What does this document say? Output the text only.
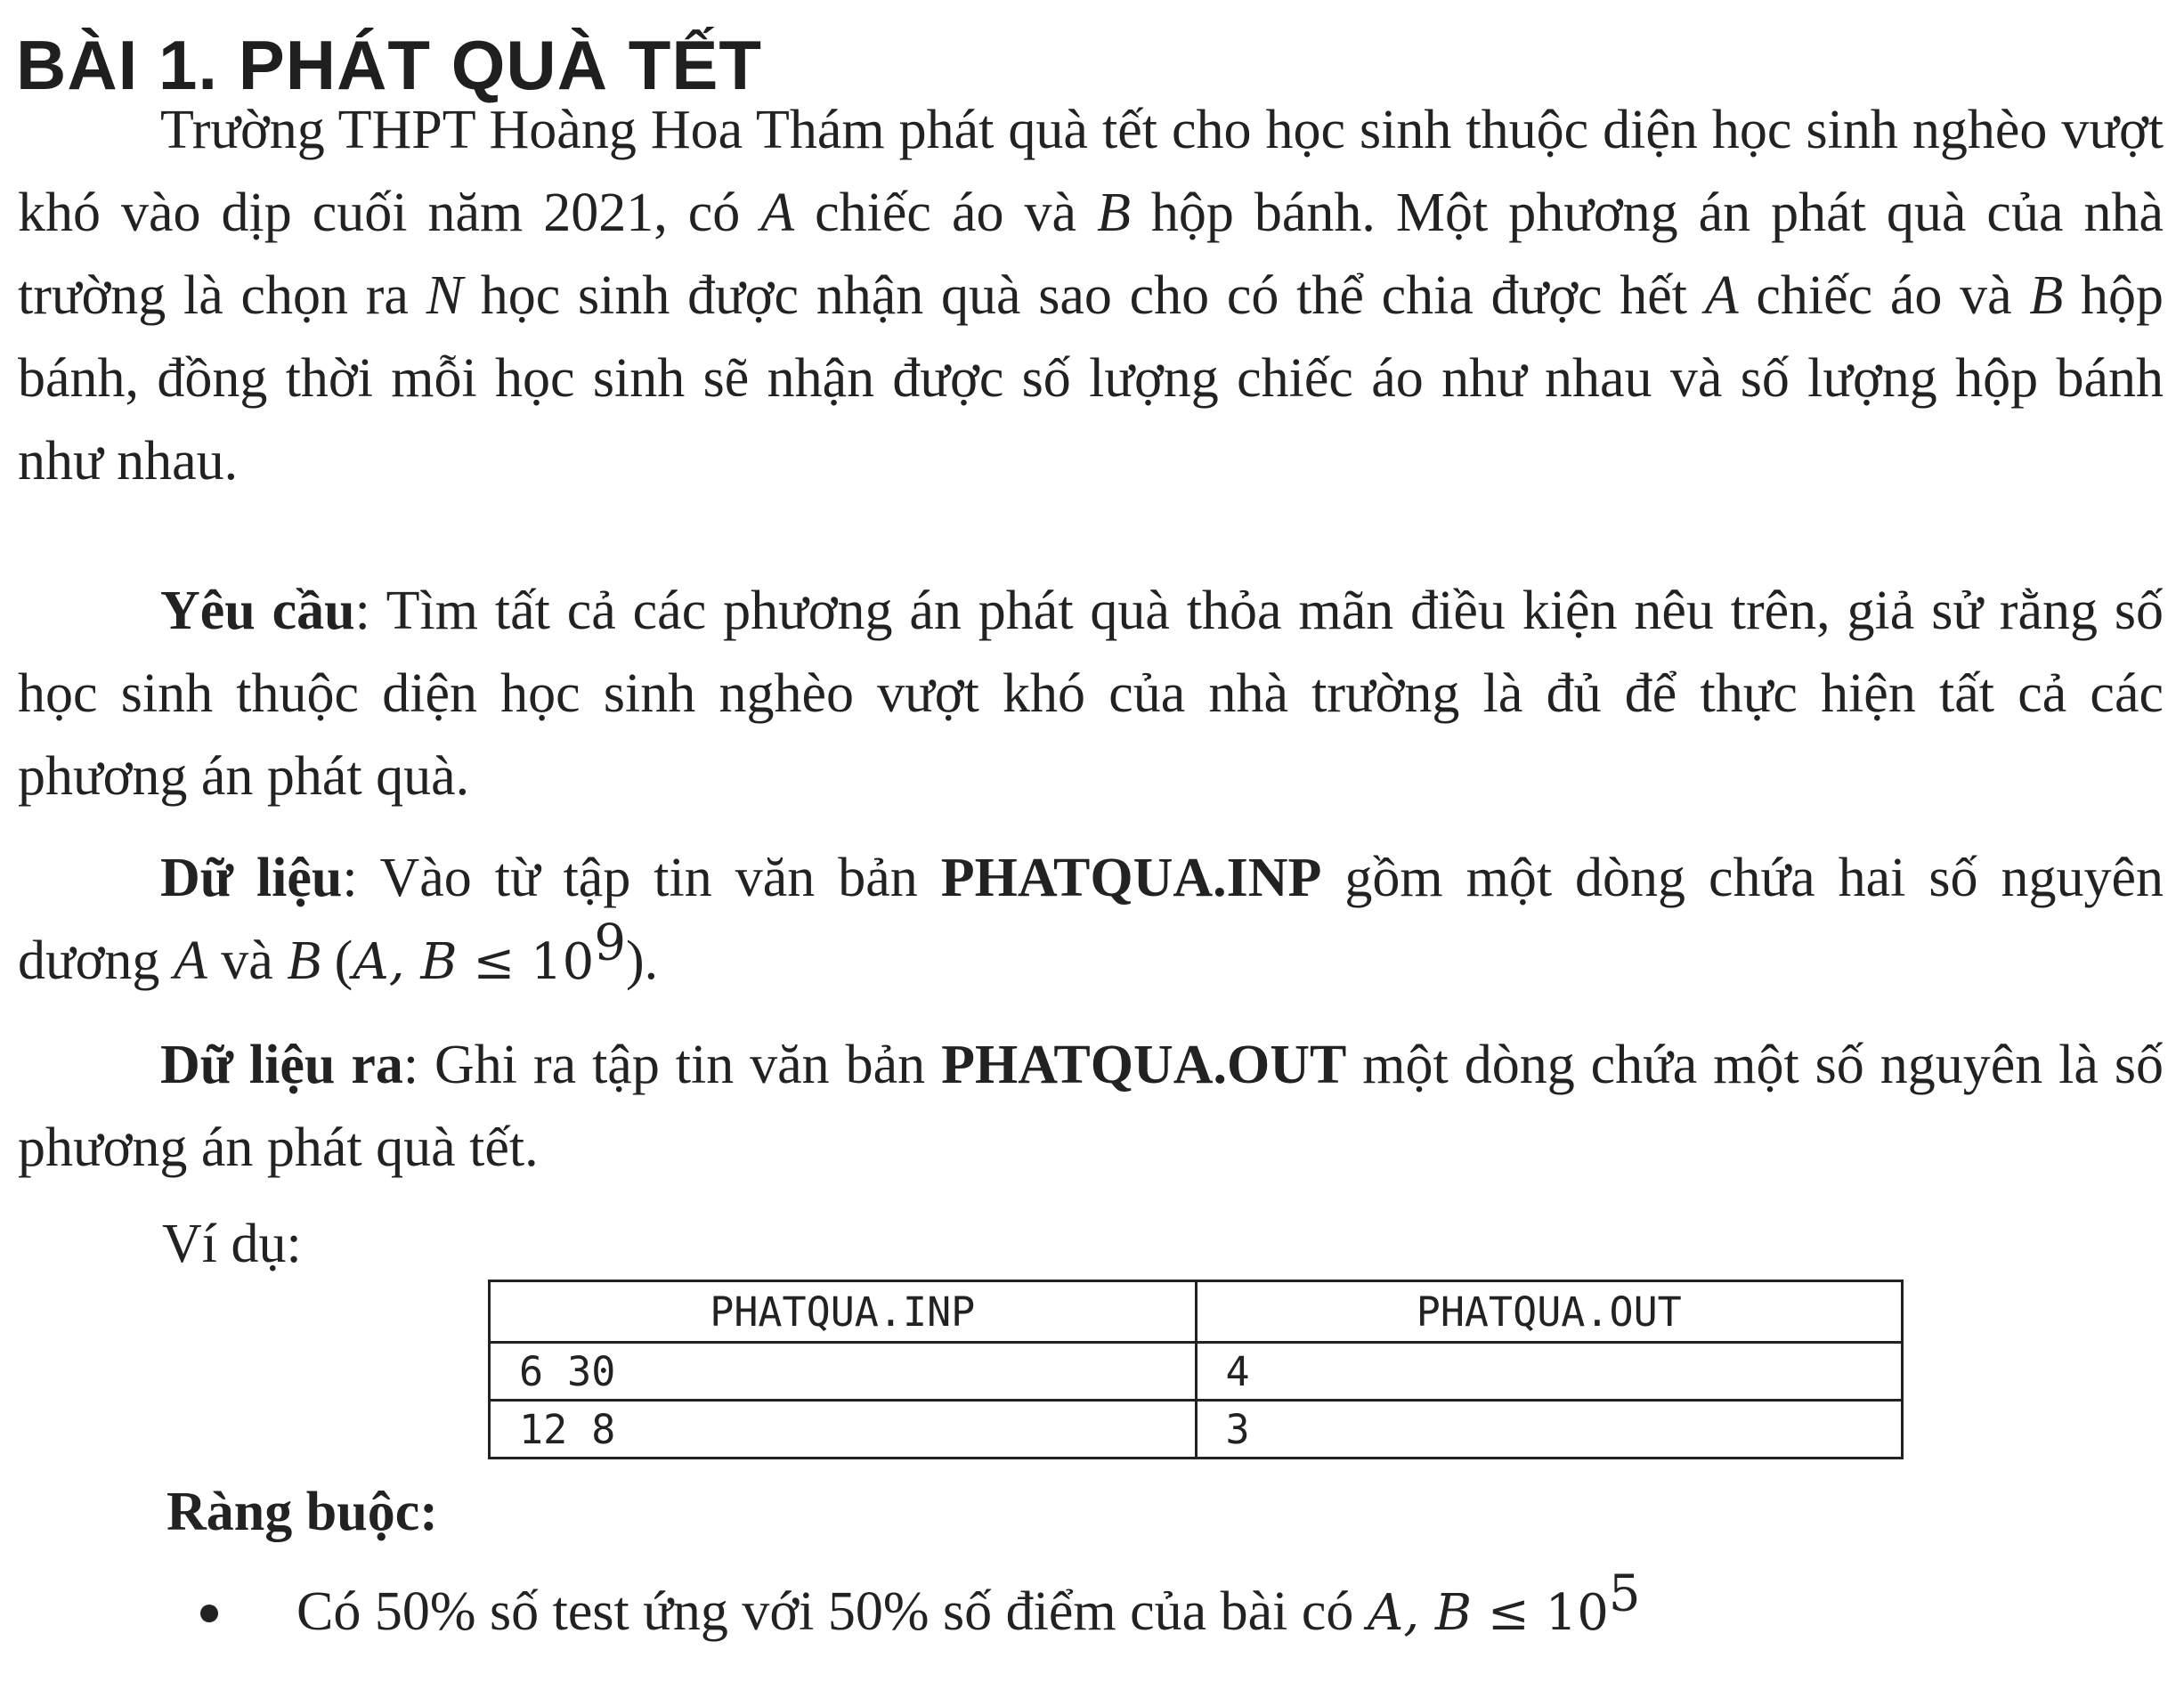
BÀI 1. PHÁT QUÀ TẾT

Trường THPT Hoàng Hoa Thám phát quà tết cho học sinh thuộc diện học sinh nghèo vượt khó vào dịp cuối năm 2021, có A chiếc áo và B hộp bánh. Một phương án phát quà của nhà trường là chọn ra N học sinh được nhận quà sao cho có thể chia được hết A chiếc áo và B hộp bánh, đồng thời mỗi học sinh sẽ nhận được số lượng chiếc áo như nhau và số lượng hộp bánh như nhau.

Yêu cầu: Tìm tất cả các phương án phát quà thỏa mãn điều kiện nêu trên, giả sử rằng số học sinh thuộc diện học sinh nghèo vượt khó của nhà trường là đủ để thực hiện tất cả các phương án phát quà.

Dữ liệu: Vào từ tập tin văn bản PHATQUA.INP gồm một dòng chứa hai số nguyên dương A và B (A, $B \le 10^9$).

Dữ liệu ra: Ghi ra tập tin văn bản PHATQUA.OUT một dòng chứa một số nguyên là số phương án phát quà tết.

Ví dụ:

PHATQUA.INP	PHATQUA.OUT
6 30	4
12 8	3

Ràng buộc:

Có 50% số test ứng với 50% số điểm của bài có A, $B \le 10^5$
